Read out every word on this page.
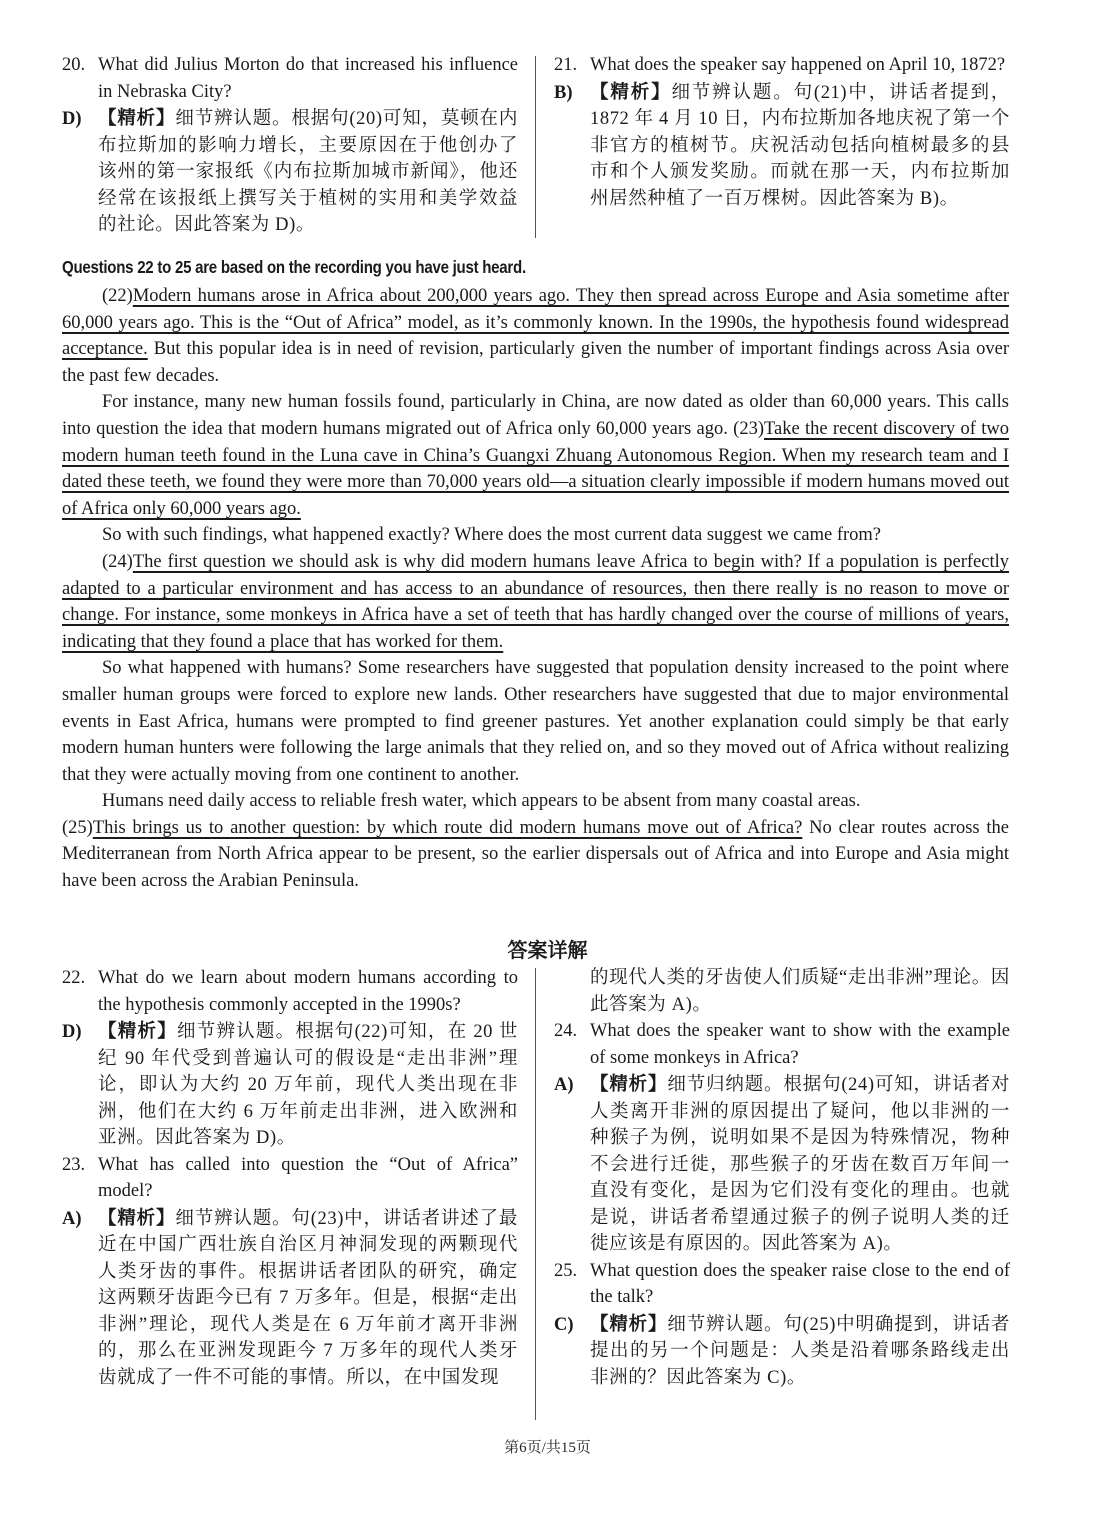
20. What did Julius Morton do that increased his influence in Nebraska City?
D) 【精析】细节辨认题。根据句(20)可知，莫顿在内布拉斯加的影响力增长，主要原因在于他创办了该州的第一家报纸《内布拉斯加城市新闻》，他还经常在该报纸上撰写关于植树的实用和美学效益的社论。因此答案为 D)。
21. What does the speaker say happened on April 10, 1872?
B) 【精析】细节辨认题。句(21)中，讲话者提到，1872 年 4 月 10 日，内布拉斯加各地庆祝了第一个非官方的植树节。庆祝活动包括向植树最多的县市和个人颁发奖励。而就在那一天，内布拉斯加州居然种植了一百万棵树。因此答案为 B)。
Questions 22 to 25 are based on the recording you have just heard.

(22)Modern humans arose in Africa about 200,000 years ago. They then spread across Europe and Asia sometime after 60,000 years ago. This is the “Out of Africa” model, as it’s commonly known. In the 1990s, the hypothesis found widespread acceptance. But this popular idea is in need of revision, particularly given the number of important findings across Asia over the past few decades.

For instance, many new human fossils found, particularly in China, are now dated as older than 60,000 years. This calls into question the idea that modern humans migrated out of Africa only 60,000 years ago. (23)Take the recent discovery of two modern human teeth found in the Luna cave in China’s Guangxi Zhuang Autonomous Region. When my research team and I dated these teeth, we found they were more than 70,000 years old—a situation clearly impossible if modern humans moved out of Africa only 60,000 years ago.

So with such findings, what happened exactly? Where does the most current data suggest we came from?

(24)The first question we should ask is why did modern humans leave Africa to begin with? If a population is perfectly adapted to a particular environment and has access to an abundance of resources, then there really is no reason to move or change. For instance, some monkeys in Africa have a set of teeth that has hardly changed over the course of millions of years, indicating that they found a place that has worked for them.

So what happened with humans? Some researchers have suggested that population density increased to the point where smaller human groups were forced to explore new lands. Other researchers have suggested that due to major environmental events in East Africa, humans were prompted to find greener pastures. Yet another explanation could simply be that early modern human hunters were following the large animals that they relied on, and so they moved out of Africa without realizing that they were actually moving from one continent to another.

Humans need daily access to reliable fresh water, which appears to be absent from many coastal areas.

(25)This brings us to another question: by which route did modern humans move out of Africa? No clear routes across the Mediterranean from North Africa appear to be present, so the earlier dispersals out of Africa and into Europe and Asia might have been across the Arabian Peninsula.

答案详解
22. What do we learn about modern humans according to the hypothesis commonly accepted in the 1990s?
D) 【精析】细节辨认题。根据句(22)可知，在 20 世纪 90 年代受到普遍认可的假设是“走出非洲”理论，即认为大约 20 万年前，现代人类出现在非洲，他们在大约 6 万年前走出非洲，进入欧洲和亚洲。因此答案为 D)。
23. What has called into question the “Out of Africa” model?
A) 【精析】细节辨认题。句(23)中，讲话者讲述了最近在中国广西壮族自治区月神洞发现的两颗现代人类牙齿的事件。根据讲话者团队的研究，确定这两颗牙齿距今已有 7 万多年。但是，根据“走出非洲”理论，现代人类是在 6 万年前才离开非洲的，那么在亚洲发现距今 7 万多年的现代人类牙齿就成了一件不可能的事情。所以，在中国发现
的现代人类的牙齿使人们质疑“走出非洲”理论。因此答案为 A)。
24. What does the speaker want to show with the example of some monkeys in Africa?
A) 【精析】细节归纳题。根据句(24)可知，讲话者对人类离开非洲的原因提出了疑问，他以非洲的一种猴子为例，说明如果不是因为特殊情况，物种不会进行迁徙，那些猴子的牙齿在数百万年间一直没有变化，是因为它们没有变化的理由。也就是说，讲话者希望通过猴子的例子说明人类的迁徙应该是有原因的。因此答案为 A)。
25. What question does the speaker raise close to the end of the talk?
C) 【精析】细节辨认题。句(25)中明确提到，讲话者提出的另一个问题是：人类是沿着哪条路线走出非洲的？因此答案为 C)。
第6页/共15页
